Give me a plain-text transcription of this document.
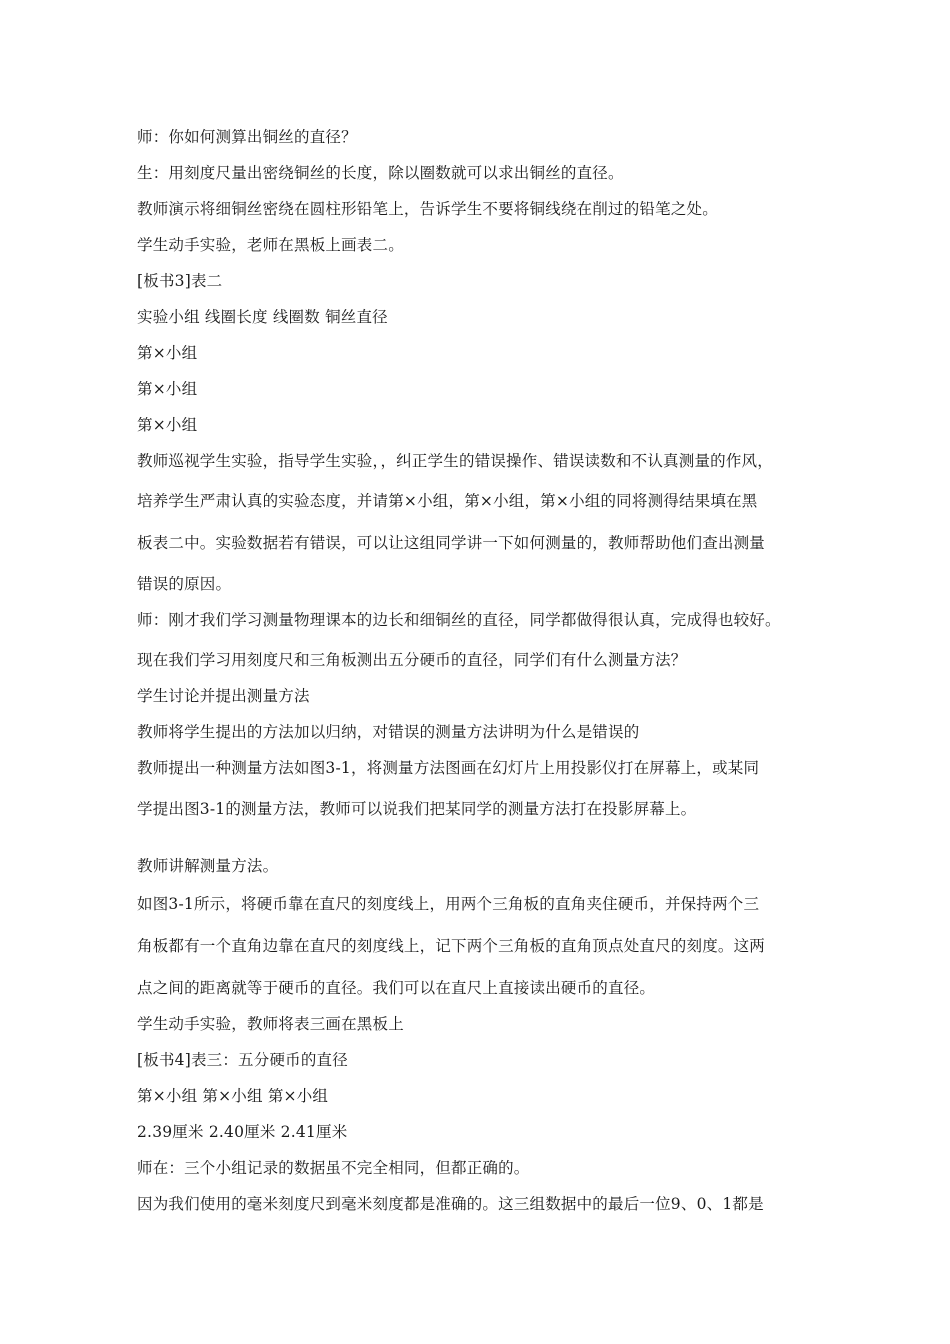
师：你如何测算出铜丝的直径？
生：用刻度尺量出密绕铜丝的长度，除以圈数就可以求出铜丝的直径。
教师演示将细铜丝密绕在圆柱形铅笔上，告诉学生不要将铜线绕在削过的铅笔之处。
学生动手实验，老师在黑板上画表二。
[板书3]表二
实验小组 线圈长度 线圈数 铜丝直径
第×小组
第×小组
第×小组
教师巡视学生实验，指导学生实验，，纠正学生的错误操作、错误读数和不认真测量的作风，
培养学生严肃认真的实验态度，并请第×小组，第×小组，第×小组的同将测得结果填在黑
板表二中。实验数据若有错误，可以让这组同学讲一下如何测量的，教师帮助他们查出测量
错误的原因。
师：刚才我们学习测量物理课本的边长和细铜丝的直径，同学都做得很认真，完成得也较好。
现在我们学习用刻度尺和三角板测出五分硬币的直径，同学们有什么测量方法？
学生讨论并提出测量方法
教师将学生提出的方法加以归纳，对错误的测量方法讲明为什么是错误的
教师提出一种测量方法如图3-1，将测量方法图画在幻灯片上用投影仪打在屏幕上，或某同
学提出图3-1的测量方法，教师可以说我们把某同学的测量方法打在投影屏幕上。
教师讲解测量方法。
如图3-1所示，将硬币靠在直尺的刻度线上，用两个三角板的直角夹住硬币，并保持两个三
角板都有一个直角边靠在直尺的刻度线上，记下两个三角板的直角顶点处直尺的刻度。这两
点之间的距离就等于硬币的直径。我们可以在直尺上直接读出硬币的直径。
学生动手实验，教师将表三画在黑板上
[板书4]表三：五分硬币的直径
第×小组 第×小组 第×小组
2.39厘米 2.40厘米 2.41厘米
师在：三个小组记录的数据虽不完全相同，但都正确的。
因为我们使用的毫米刻度尺到毫米刻度都是准确的。这三组数据中的最后一位9、0、1都是
